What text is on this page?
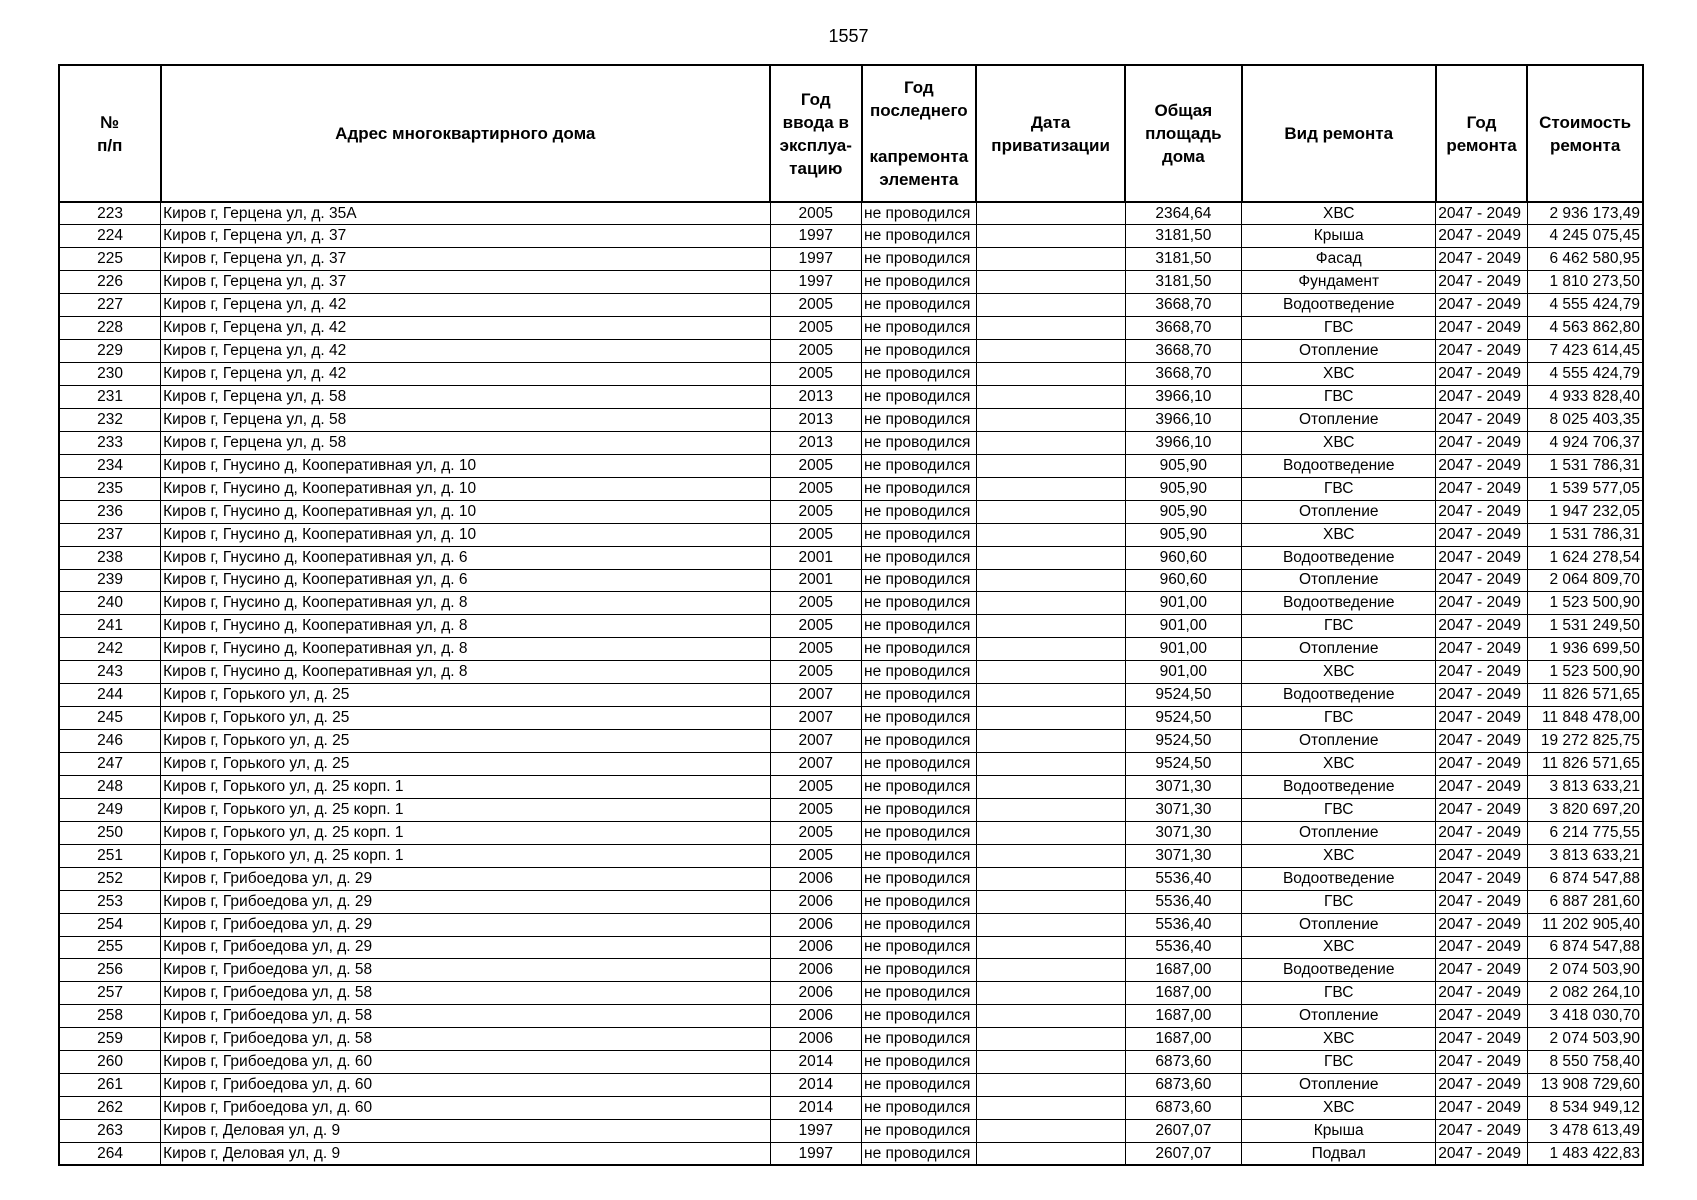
1557
№
п/п	Адрес многоквартирного дома	Год
ввода в
эксплуа-
тацию	Год
последнего

капремонта
элемента	Дата
приватизации	Общая
площадь
дома	Вид ремонта	Год
ремонта	Стоимость
ремонта
223	Киров г, Герцена ул, д. 35А	2005	не проводился		2364,64	ХВС	2047 - 2049	2 936 173,49
224	Киров г, Герцена ул, д. 37	1997	не проводился		3181,50	Крыша	2047 - 2049	4 245 075,45
225	Киров г, Герцена ул, д. 37	1997	не проводился		3181,50	Фасад	2047 - 2049	6 462 580,95
226	Киров г, Герцена ул, д. 37	1997	не проводился		3181,50	Фундамент	2047 - 2049	1 810 273,50
227	Киров г, Герцена ул, д. 42	2005	не проводился		3668,70	Водоотведение	2047 - 2049	4 555 424,79
228	Киров г, Герцена ул, д. 42	2005	не проводился		3668,70	ГВС	2047 - 2049	4 563 862,80
229	Киров г, Герцена ул, д. 42	2005	не проводился		3668,70	Отопление	2047 - 2049	7 423 614,45
230	Киров г, Герцена ул, д. 42	2005	не проводился		3668,70	ХВС	2047 - 2049	4 555 424,79
231	Киров г, Герцена ул, д. 58	2013	не проводился		3966,10	ГВС	2047 - 2049	4 933 828,40
232	Киров г, Герцена ул, д. 58	2013	не проводился		3966,10	Отопление	2047 - 2049	8 025 403,35
233	Киров г, Герцена ул, д. 58	2013	не проводился		3966,10	ХВС	2047 - 2049	4 924 706,37
234	Киров г, Гнусино д, Кооперативная ул, д. 10	2005	не проводился		905,90	Водоотведение	2047 - 2049	1 531 786,31
235	Киров г, Гнусино д, Кооперативная ул, д. 10	2005	не проводился		905,90	ГВС	2047 - 2049	1 539 577,05
236	Киров г, Гнусино д, Кооперативная ул, д. 10	2005	не проводился		905,90	Отопление	2047 - 2049	1 947 232,05
237	Киров г, Гнусино д, Кооперативная ул, д. 10	2005	не проводился		905,90	ХВС	2047 - 2049	1 531 786,31
238	Киров г, Гнусино д, Кооперативная ул, д. 6	2001	не проводился		960,60	Водоотведение	2047 - 2049	1 624 278,54
239	Киров г, Гнусино д, Кооперативная ул, д. 6	2001	не проводился		960,60	Отопление	2047 - 2049	2 064 809,70
240	Киров г, Гнусино д, Кооперативная ул, д. 8	2005	не проводился		901,00	Водоотведение	2047 - 2049	1 523 500,90
241	Киров г, Гнусино д, Кооперативная ул, д. 8	2005	не проводился		901,00	ГВС	2047 - 2049	1 531 249,50
242	Киров г, Гнусино д, Кооперативная ул, д. 8	2005	не проводился		901,00	Отопление	2047 - 2049	1 936 699,50
243	Киров г, Гнусино д, Кооперативная ул, д. 8	2005	не проводился		901,00	ХВС	2047 - 2049	1 523 500,90
244	Киров г, Горького ул, д. 25	2007	не проводился		9524,50	Водоотведение	2047 - 2049	11 826 571,65
245	Киров г, Горького ул, д. 25	2007	не проводился		9524,50	ГВС	2047 - 2049	11 848 478,00
246	Киров г, Горького ул, д. 25	2007	не проводился		9524,50	Отопление	2047 - 2049	19 272 825,75
247	Киров г, Горького ул, д. 25	2007	не проводился		9524,50	ХВС	2047 - 2049	11 826 571,65
248	Киров г, Горького ул, д. 25 корп. 1	2005	не проводился		3071,30	Водоотведение	2047 - 2049	3 813 633,21
249	Киров г, Горького ул, д. 25 корп. 1	2005	не проводился		3071,30	ГВС	2047 - 2049	3 820 697,20
250	Киров г, Горького ул, д. 25 корп. 1	2005	не проводился		3071,30	Отопление	2047 - 2049	6 214 775,55
251	Киров г, Горького ул, д. 25 корп. 1	2005	не проводился		3071,30	ХВС	2047 - 2049	3 813 633,21
252	Киров г, Грибоедова ул, д. 29	2006	не проводился		5536,40	Водоотведение	2047 - 2049	6 874 547,88
253	Киров г, Грибоедова ул, д. 29	2006	не проводился		5536,40	ГВС	2047 - 2049	6 887 281,60
254	Киров г, Грибоедова ул, д. 29	2006	не проводился		5536,40	Отопление	2047 - 2049	11 202 905,40
255	Киров г, Грибоедова ул, д. 29	2006	не проводился		5536,40	ХВС	2047 - 2049	6 874 547,88
256	Киров г, Грибоедова ул, д. 58	2006	не проводился		1687,00	Водоотведение	2047 - 2049	2 074 503,90
257	Киров г, Грибоедова ул, д. 58	2006	не проводился		1687,00	ГВС	2047 - 2049	2 082 264,10
258	Киров г, Грибоедова ул, д. 58	2006	не проводился		1687,00	Отопление	2047 - 2049	3 418 030,70
259	Киров г, Грибоедова ул, д. 58	2006	не проводился		1687,00	ХВС	2047 - 2049	2 074 503,90
260	Киров г, Грибоедова ул, д. 60	2014	не проводился		6873,60	ГВС	2047 - 2049	8 550 758,40
261	Киров г, Грибоедова ул, д. 60	2014	не проводился		6873,60	Отопление	2047 - 2049	13 908 729,60
262	Киров г, Грибоедова ул, д. 60	2014	не проводился		6873,60	ХВС	2047 - 2049	8 534 949,12
263	Киров г, Деловая ул, д. 9	1997	не проводился		2607,07	Крыша	2047 - 2049	3 478 613,49
264	Киров г, Деловая ул, д. 9	1997	не проводился		2607,07	Подвал	2047 - 2049	1 483 422,83
